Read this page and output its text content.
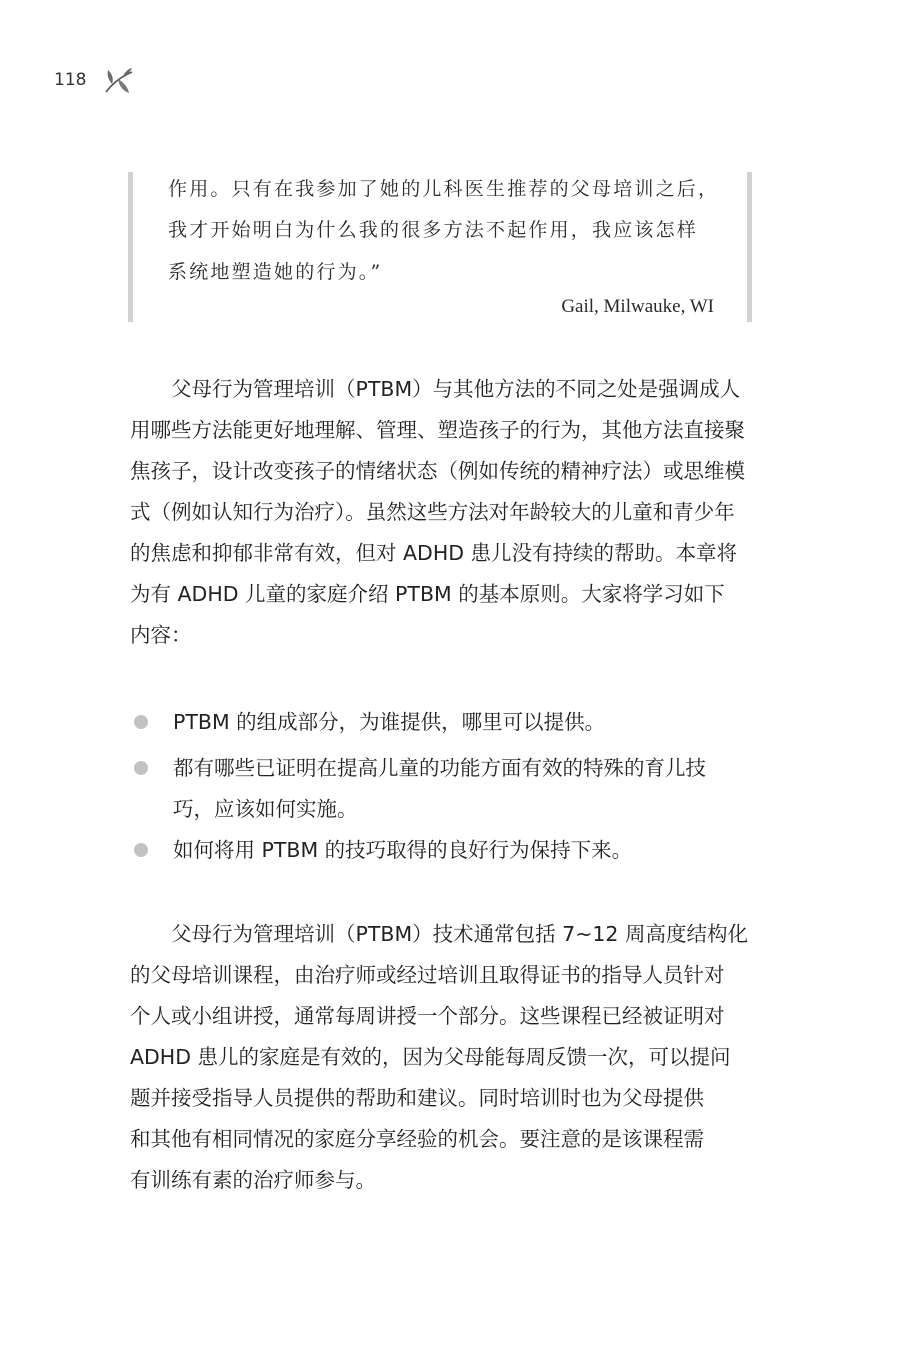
118
作用。只有在我参加了她的儿科医生推荐的父母培训之后，
我才开始明白为什么我的很多方法不起作用，我应该怎样
系统地塑造她的行为。”
Gail, Milwauke, WI
父母行为管理培训（PTBM）与其他方法的不同之处是强调成人
用哪些方法能更好地理解、管理、塑造孩子的行为，其他方法直接聚
焦孩子，设计改变孩子的情绪状态（例如传统的精神疗法）或思维模
式（例如认知行为治疗）。虽然这些方法对年龄较大的儿童和青少年
的焦虑和抑郁非常有效，但对 ADHD 患儿没有持续的帮助。本章将
为有 ADHD 儿童的家庭介绍 PTBM 的基本原则。大家将学习如下
内容：
PTBM 的组成部分，为谁提供，哪里可以提供。
都有哪些已证明在提高儿童的功能方面有效的特殊的育儿技
巧，应该如何实施。
如何将用 PTBM 的技巧取得的良好行为保持下来。
父母行为管理培训（PTBM）技术通常包括 7~12 周高度结构化
的父母培训课程，由治疗师或经过培训且取得证书的指导人员针对
个人或小组讲授，通常每周讲授一个部分。这些课程已经被证明对
ADHD 患儿的家庭是有效的，因为父母能每周反馈一次，可以提问
题并接受指导人员提供的帮助和建议。同时培训时也为父母提供
和其他有相同情况的家庭分享经验的机会。要注意的是该课程需
有训练有素的治疗师参与。
